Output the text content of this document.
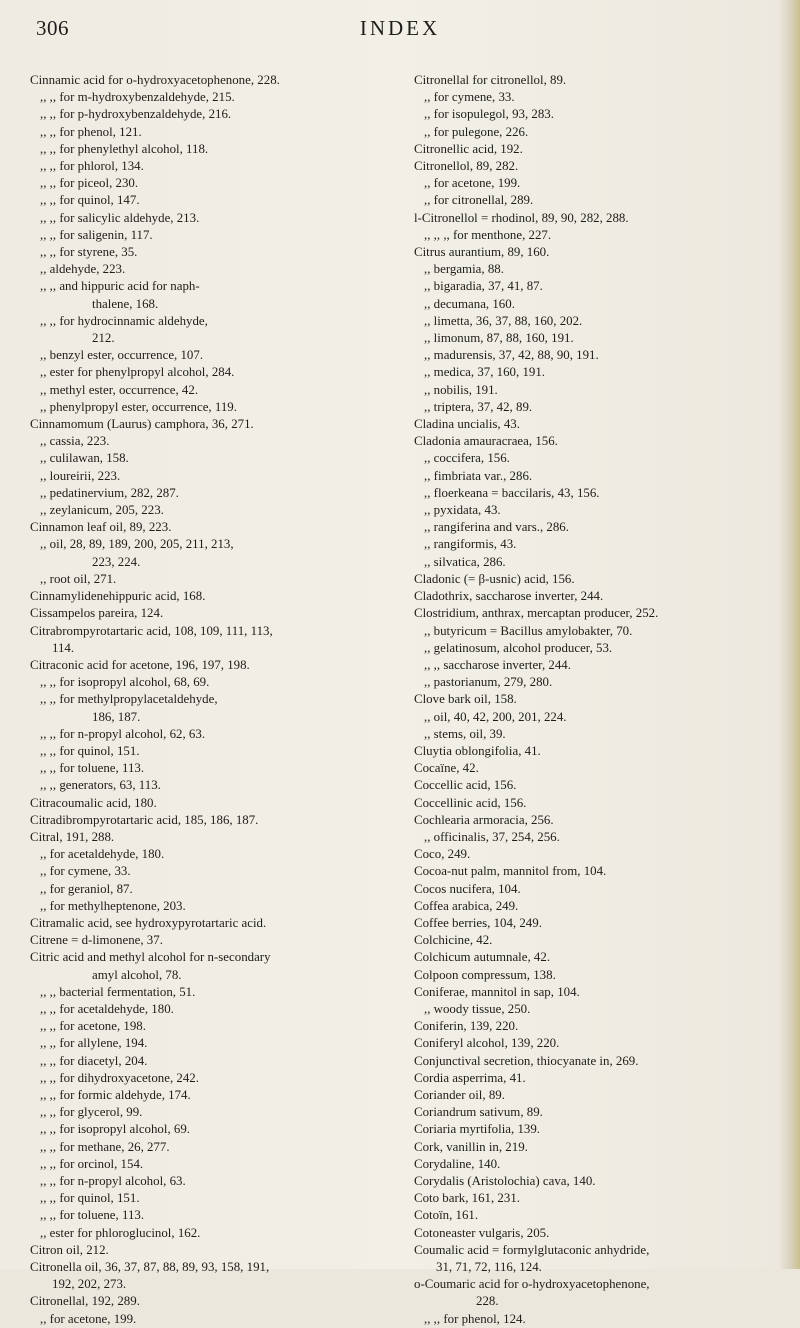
306	INDEX
Cinnamic acid for o-hydroxyacetophenone, 228.
,, ,, for m-hydroxybenzaldehyde, 215.
,, ,, for p-hydroxybenzaldehyde, 216.
,, ,, for phenol, 121.
,, ,, for phenylethyl alcohol, 118.
,, ,, for phlorol, 134.
,, ,, for piceol, 230.
,, ,, for quinol, 147.
,, ,, for salicylic aldehyde, 213.
,, ,, for saligenin, 117.
,, ,, for styrene, 35.
,, aldehyde, 223.
,, ,, and hippuric acid for naph-
thalene, 168.
,, ,, for hydrocinnamic aldehyde,
212.
,, benzyl ester, occurrence, 107.
,, ester for phenylpropyl alcohol, 284.
,, methyl ester, occurrence, 42.
,, phenylpropyl ester, occurrence, 119.
Cinnamomum (Laurus) camphora, 36, 271.
,, cassia, 223.
,, culilawan, 158.
,, loureirii, 223.
,, pedatinervium, 282, 287.
,, zeylanicum, 205, 223.
Cinnamon leaf oil, 89, 223.
,, oil, 28, 89, 189, 200, 205, 211, 213,
223, 224.
,, root oil, 271.
Cinnamylidenehippuric acid, 168.
Cissampelos pareira, 124.
Citrabrompyrotartaric acid, 108, 109, 111, 113,
114.
Citraconic acid for acetone, 196, 197, 198.
,, ,, for isopropyl alcohol, 68, 69.
,, ,, for methylpropylacetaldehyde,
186, 187.
,, ,, for n-propyl alcohol, 62, 63.
,, ,, for quinol, 151.
,, ,, for toluene, 113.
,, ,, generators, 63, 113.
Citracoumalic acid, 180.
Citradibrompyrotartaric acid, 185, 186, 187.
Citral, 191, 288.
,, for acetaldehyde, 180.
,, for cymene, 33.
,, for geraniol, 87.
,, for methylheptenone, 203.
Citramalic acid, see hydroxypyrotartaric acid.
Citrene = d-limonene, 37.
Citric acid and methyl alcohol for n-secondary
amyl alcohol, 78.
,, ,, bacterial fermentation, 51.
,, ,, for acetaldehyde, 180.
,, ,, for acetone, 198.
,, ,, for allylene, 194.
,, ,, for diacetyl, 204.
,, ,, for dihydroxyacetone, 242.
,, ,, for formic aldehyde, 174.
,, ,, for glycerol, 99.
,, ,, for isopropyl alcohol, 69.
,, ,, for methane, 26, 277.
,, ,, for orcinol, 154.
,, ,, for n-propyl alcohol, 63.
,, ,, for quinol, 151.
,, ,, for toluene, 113.
,, ester for phloroglucinol, 162.
Citron oil, 212.
Citronella oil, 36, 37, 87, 88, 89, 93, 158, 191,
192, 202, 273.
Citronellal, 192, 289.
,, for acetone, 199.
Citronellal for citronellol, 89.
,, for cymene, 33.
,, for isopulegol, 93, 283.
,, for pulegone, 226.
Citronellic acid, 192.
Citronellol, 89, 282.
,, for acetone, 199.
,, for citronellal, 289.
l-Citronellol = rhodinol, 89, 90, 282, 288.
,, ,, ,, for menthone, 227.
Citrus aurantium, 89, 160.
,, bergamia, 88.
,, bigaradia, 37, 41, 87.
,, decumana, 160.
,, limetta, 36, 37, 88, 160, 202.
,, limonum, 87, 88, 160, 191.
,, madurensis, 37, 42, 88, 90, 191.
,, medica, 37, 160, 191.
,, nobilis, 191.
,, triptera, 37, 42, 89.
Cladina uncialis, 43.
Cladonia amauracraea, 156.
,, coccifera, 156.
,, fimbriata var., 286.
,, floerkeana = baccilaris, 43, 156.
,, pyxidata, 43.
,, rangiferina and vars., 286.
,, rangiformis, 43.
,, silvatica, 286.
Cladonic (= β-usnic) acid, 156.
Cladothrix, saccharose inverter, 244.
Clostridium, anthrax, mercaptan producer, 252.
,, butyricum = Bacillus amylobakter, 70.
,, gelatinosum, alcohol producer, 53.
,, ,, saccharose inverter, 244.
,, pastorianum, 279, 280.
Clove bark oil, 158.
,, oil, 40, 42, 200, 201, 224.
,, stems, oil, 39.
Cluytia oblongifolia, 41.
Cocaïne, 42.
Coccellic acid, 156.
Coccellinic acid, 156.
Cochlearia armoracia, 256.
,, officinalis, 37, 254, 256.
Coco, 249.
Cocoa-nut palm, mannitol from, 104.
Cocos nucifera, 104.
Coffea arabica, 249.
Coffee berries, 104, 249.
Colchicine, 42.
Colchicum autumnale, 42.
Colpoon compressum, 138.
Coniferae, mannitol in sap, 104.
,, woody tissue, 250.
Coniferin, 139, 220.
Coniferyl alcohol, 139, 220.
Conjunctival secretion, thiocyanate in, 269.
Cordia asperrima, 41.
Coriander oil, 89.
Coriandrum sativum, 89.
Coriaria myrtifolia, 139.
Cork, vanillin in, 219.
Corydaline, 140.
Corydalis (Aristolochia) cava, 140.
Coto bark, 161, 231.
Cotoïn, 161.
Cotoneaster vulgaris, 205.
Coumalic acid = formylglutaconic anhydride,
31, 71, 72, 116, 124.
o-Coumaric acid for o-hydroxyacetophenone,
228.
,, ,, for phenol, 124.
